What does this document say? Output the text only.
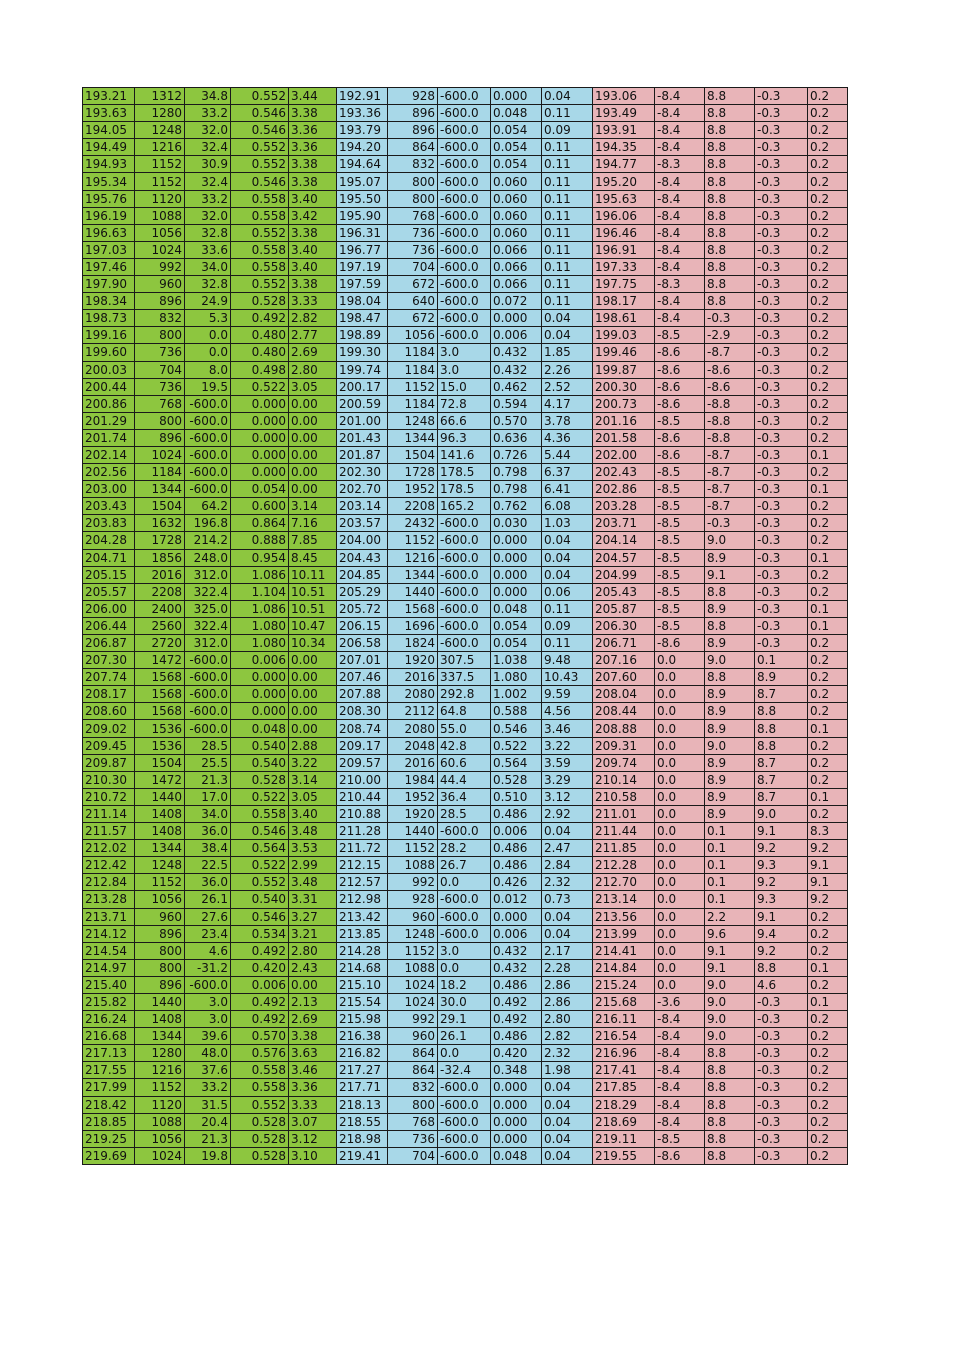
193.21	1312	34.8	0.552	3.44	192.91	928	-600.0	0.000	0.04	193.06	-8.4	8.8	-0.3	0.2
193.63	1280	33.2	0.546	3.38	193.36	896	-600.0	0.048	0.11	193.49	-8.4	8.8	-0.3	0.2
194.05	1248	32.0	0.546	3.36	193.79	896	-600.0	0.054	0.09	193.91	-8.4	8.8	-0.3	0.2
194.49	1216	32.4	0.552	3.36	194.20	864	-600.0	0.054	0.11	194.35	-8.4	8.8	-0.3	0.2
194.93	1152	30.9	0.552	3.38	194.64	832	-600.0	0.054	0.11	194.77	-8.3	8.8	-0.3	0.2
195.34	1152	32.4	0.546	3.38	195.07	800	-600.0	0.060	0.11	195.20	-8.4	8.8	-0.3	0.2
195.76	1120	33.2	0.558	3.40	195.50	800	-600.0	0.060	0.11	195.63	-8.4	8.8	-0.3	0.2
196.19	1088	32.0	0.558	3.42	195.90	768	-600.0	0.060	0.11	196.06	-8.4	8.8	-0.3	0.2
196.63	1056	32.8	0.552	3.38	196.31	736	-600.0	0.060	0.11	196.46	-8.4	8.8	-0.3	0.2
197.03	1024	33.6	0.558	3.40	196.77	736	-600.0	0.066	0.11	196.91	-8.4	8.8	-0.3	0.2
197.46	992	34.0	0.558	3.40	197.19	704	-600.0	0.066	0.11	197.33	-8.4	8.8	-0.3	0.2
197.90	960	32.8	0.552	3.38	197.59	672	-600.0	0.066	0.11	197.75	-8.3	8.8	-0.3	0.2
198.34	896	24.9	0.528	3.33	198.04	640	-600.0	0.072	0.11	198.17	-8.4	8.8	-0.3	0.2
198.73	832	5.3	0.492	2.82	198.47	672	-600.0	0.000	0.04	198.61	-8.4	-0.3	-0.3	0.2
199.16	800	0.0	0.480	2.77	198.89	1056	-600.0	0.006	0.04	199.03	-8.5	-2.9	-0.3	0.2
199.60	736	0.0	0.480	2.69	199.30	1184	3.0	0.432	1.85	199.46	-8.6	-8.7	-0.3	0.2
200.03	704	8.0	0.498	2.80	199.74	1184	3.0	0.432	2.26	199.87	-8.6	-8.6	-0.3	0.2
200.44	736	19.5	0.522	3.05	200.17	1152	15.0	0.462	2.52	200.30	-8.6	-8.6	-0.3	0.2
200.86	768	-600.0	0.000	0.00	200.59	1184	72.8	0.594	4.17	200.73	-8.6	-8.8	-0.3	0.2
201.29	800	-600.0	0.000	0.00	201.00	1248	66.6	0.570	3.78	201.16	-8.5	-8.8	-0.3	0.2
201.74	896	-600.0	0.000	0.00	201.43	1344	96.3	0.636	4.36	201.58	-8.6	-8.8	-0.3	0.2
202.14	1024	-600.0	0.000	0.00	201.87	1504	141.6	0.726	5.44	202.00	-8.6	-8.7	-0.3	0.1
202.56	1184	-600.0	0.000	0.00	202.30	1728	178.5	0.798	6.37	202.43	-8.5	-8.7	-0.3	0.2
203.00	1344	-600.0	0.054	0.00	202.70	1952	178.5	0.798	6.41	202.86	-8.5	-8.7	-0.3	0.1
203.43	1504	64.2	0.600	3.14	203.14	2208	165.2	0.762	6.08	203.28	-8.5	-8.7	-0.3	0.2
203.83	1632	196.8	0.864	7.16	203.57	2432	-600.0	0.030	1.03	203.71	-8.5	-0.3	-0.3	0.2
204.28	1728	214.2	0.888	7.85	204.00	1152	-600.0	0.000	0.04	204.14	-8.5	9.0	-0.3	0.2
204.71	1856	248.0	0.954	8.45	204.43	1216	-600.0	0.000	0.04	204.57	-8.5	8.9	-0.3	0.1
205.15	2016	312.0	1.086	10.11	204.85	1344	-600.0	0.000	0.04	204.99	-8.5	9.1	-0.3	0.2
205.57	2208	322.4	1.104	10.51	205.29	1440	-600.0	0.000	0.06	205.43	-8.5	8.8	-0.3	0.2
206.00	2400	325.0	1.086	10.51	205.72	1568	-600.0	0.048	0.11	205.87	-8.5	8.9	-0.3	0.1
206.44	2560	322.4	1.080	10.47	206.15	1696	-600.0	0.054	0.09	206.30	-8.5	8.8	-0.3	0.1
206.87	2720	312.0	1.080	10.34	206.58	1824	-600.0	0.054	0.11	206.71	-8.6	8.9	-0.3	0.2
207.30	1472	-600.0	0.006	0.00	207.01	1920	307.5	1.038	9.48	207.16	0.0	9.0	0.1	0.2
207.74	1568	-600.0	0.000	0.00	207.46	2016	337.5	1.080	10.43	207.60	0.0	8.8	8.9	0.2
208.17	1568	-600.0	0.000	0.00	207.88	2080	292.8	1.002	9.59	208.04	0.0	8.9	8.7	0.2
208.60	1568	-600.0	0.000	0.00	208.30	2112	64.8	0.588	4.56	208.44	0.0	8.9	8.8	0.2
209.02	1536	-600.0	0.048	0.00	208.74	2080	55.0	0.546	3.46	208.88	0.0	8.9	8.8	0.1
209.45	1536	28.5	0.540	2.88	209.17	2048	42.8	0.522	3.22	209.31	0.0	9.0	8.8	0.2
209.87	1504	25.5	0.540	3.22	209.57	2016	60.6	0.564	3.59	209.74	0.0	8.9	8.7	0.2
210.30	1472	21.3	0.528	3.14	210.00	1984	44.4	0.528	3.29	210.14	0.0	8.9	8.7	0.2
210.72	1440	17.0	0.522	3.05	210.44	1952	36.4	0.510	3.12	210.58	0.0	8.9	8.7	0.1
211.14	1408	34.0	0.558	3.40	210.88	1920	28.5	0.486	2.92	211.01	0.0	8.9	9.0	0.2
211.57	1408	36.0	0.546	3.48	211.28	1440	-600.0	0.006	0.04	211.44	0.0	0.1	9.1	8.3
212.02	1344	38.4	0.564	3.53	211.72	1152	28.2	0.486	2.47	211.85	0.0	0.1	9.2	9.2
212.42	1248	22.5	0.522	2.99	212.15	1088	26.7	0.486	2.84	212.28	0.0	0.1	9.3	9.1
212.84	1152	36.0	0.552	3.48	212.57	992	0.0	0.426	2.32	212.70	0.0	0.1	9.2	9.1
213.28	1056	26.1	0.540	3.31	212.98	928	-600.0	0.012	0.73	213.14	0.0	0.1	9.3	9.2
213.71	960	27.6	0.546	3.27	213.42	960	-600.0	0.000	0.04	213.56	0.0	2.2	9.1	0.2
214.12	896	23.4	0.534	3.21	213.85	1248	-600.0	0.006	0.04	213.99	0.0	9.6	9.4	0.2
214.54	800	4.6	0.492	2.80	214.28	1152	3.0	0.432	2.17	214.41	0.0	9.1	9.2	0.2
214.97	800	-31.2	0.420	2.43	214.68	1088	0.0	0.432	2.28	214.84	0.0	9.1	8.8	0.1
215.40	896	-600.0	0.006	0.00	215.10	1024	18.2	0.486	2.86	215.24	0.0	9.0	4.6	0.2
215.82	1440	3.0	0.492	2.13	215.54	1024	30.0	0.492	2.86	215.68	-3.6	9.0	-0.3	0.1
216.24	1408	3.0	0.492	2.69	215.98	992	29.1	0.492	2.80	216.11	-8.4	9.0	-0.3	0.2
216.68	1344	39.6	0.570	3.38	216.38	960	26.1	0.486	2.82	216.54	-8.4	9.0	-0.3	0.2
217.13	1280	48.0	0.576	3.63	216.82	864	0.0	0.420	2.32	216.96	-8.4	8.8	-0.3	0.2
217.55	1216	37.6	0.558	3.46	217.27	864	-32.4	0.348	1.98	217.41	-8.4	8.8	-0.3	0.2
217.99	1152	33.2	0.558	3.36	217.71	832	-600.0	0.000	0.04	217.85	-8.4	8.8	-0.3	0.2
218.42	1120	31.5	0.552	3.33	218.13	800	-600.0	0.000	0.04	218.29	-8.4	8.8	-0.3	0.2
218.85	1088	20.4	0.528	3.07	218.55	768	-600.0	0.000	0.04	218.69	-8.4	8.8	-0.3	0.2
219.25	1056	21.3	0.528	3.12	218.98	736	-600.0	0.000	0.04	219.11	-8.5	8.8	-0.3	0.2
219.69	1024	19.8	0.528	3.10	219.41	704	-600.0	0.048	0.04	219.55	-8.6	8.8	-0.3	0.2
